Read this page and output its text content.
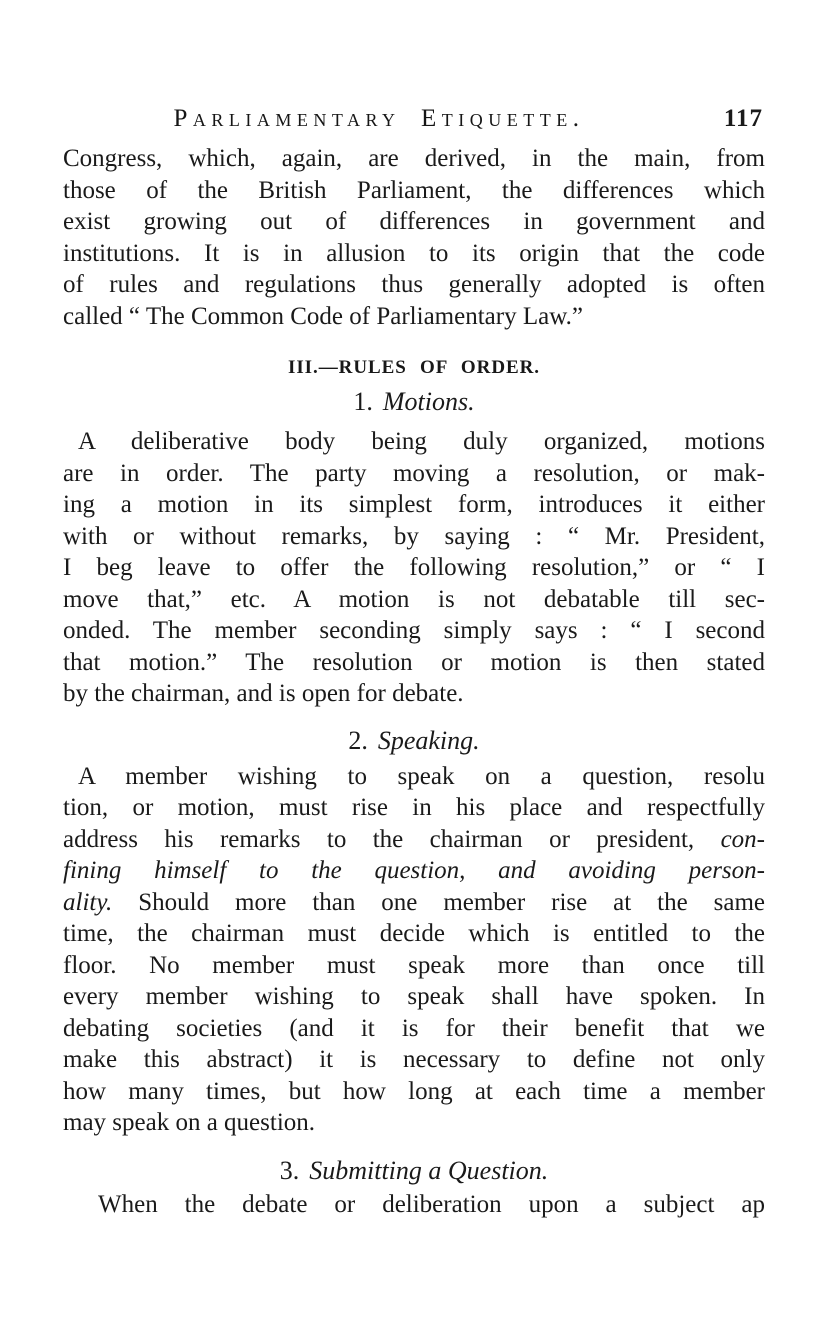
Parliamentary Etiquette.	117
Congress, which, again, are derived, in the main, from
those of the British Parliament, the differences which
exist growing out of differences in government and
institutions. It is in allusion to its origin that the code
of rules and regulations thus generally adopted is often
called “ The Common Code of Parliamentary Law.”
III.—RULES OF ORDER.
1. Motions.
A deliberative body being duly organized, motions
are in order. The party moving a resolution, or mak-
ing a motion in its simplest form, introduces it either
with or without remarks, by saying : “ Mr. President,
I beg leave to offer the following resolution,” or “ I
move that,” etc. A motion is not debatable till sec-
onded. The member seconding simply says : “ I second
that motion.” The resolution or motion is then stated
by the chairman, and is open for debate.
2. Speaking.
A member wishing to speak on a question, resolu
tion, or motion, must rise in his place and respectfully
address his remarks to the chairman or president, con-
fining himself to the question, and avoiding person-
ality. Should more than one member rise at the same
time, the chairman must decide which is entitled to the
floor. No member must speak more than once till
every member wishing to speak shall have spoken. In
debating societies (and it is for their benefit that we
make this abstract) it is necessary to define not only
how many times, but how long at each time a member
may speak on a question.
3. Submitting a Question.
When the debate or deliberation upon a subject ap
